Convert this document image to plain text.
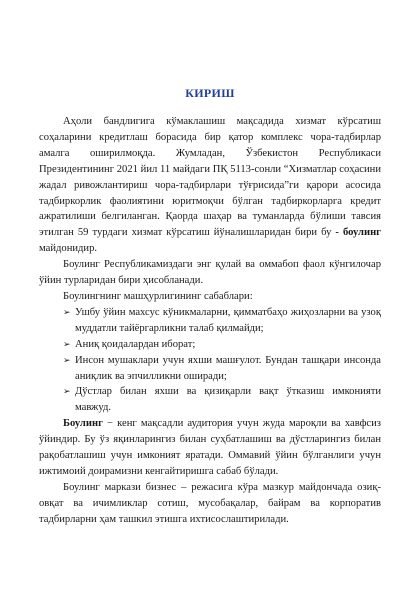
КИРИШ

Аҳоли бандлигига кўмаклашиш мақсадида хизмат кўрсатиш соҳаларини кредитлаш борасида бир қатор комплекс чора-тадбирлар амалга оширилмоқда. Жумладан, Ўзбекистон Республикаси Президентининг 2021 йил 11 майдаги ПҚ 5113-сонли “Хизматлар соҳасини жадал ривожлантириш чора-тадбирлари тўғрисида”ги қарори асосида тадбиркорлик фаолиятини юритмоқчи бўлган тадбиркорларга кредит ажратилиши белгиланган. Қаорда шаҳар ва туманларда бўлиши тавсия этилган 59 турдаги хизмат кўрсатиш йўналишларидан бири бу - боулинг майдонидир.

Боулинг Республикамиздаги энг қулай ва оммабоп фаол кўнгилочар ўйин турларидан бири ҳисобланади.

Боулингнинг машҳурлигининг сабаблари:

➢ Ушбу ўйин махсус кўникмаларни, қимматбаҳо жиҳозларни ва узоқ муддатли тайёргарликни талаб қилмайди;
➢ Аниқ қоидалардан иборат;
➢ Инсон мушаклари учун яхши машғулот. Бундан ташқари инсонда аниқлик ва эпчилликни оширади;
➢ Дўстлар билан яхши ва қизиқарли вақт ўтказиш имконияти мавжуд.

Боулинг − кенг мақсадли аудитория учун жуда мароқли ва хавфсиз ўйиндир. Бу ўз яқинларингиз билан суҳбатлашиш ва дўстларингиз билан рақобатлашиш учун имконият яратади. Оммавий ўйин бўлганлиги учун ижтимоий доирамизни кенгайтиришга сабаб бўлади.

Боулинг маркази бизнес – режасига кўра мазкур майдончада озиқ-овқат ва ичимликлар сотиш, мусобақалар, байрам ва корпоратив тадбирларни ҳам ташкил этишга ихтисослаштирилади.
